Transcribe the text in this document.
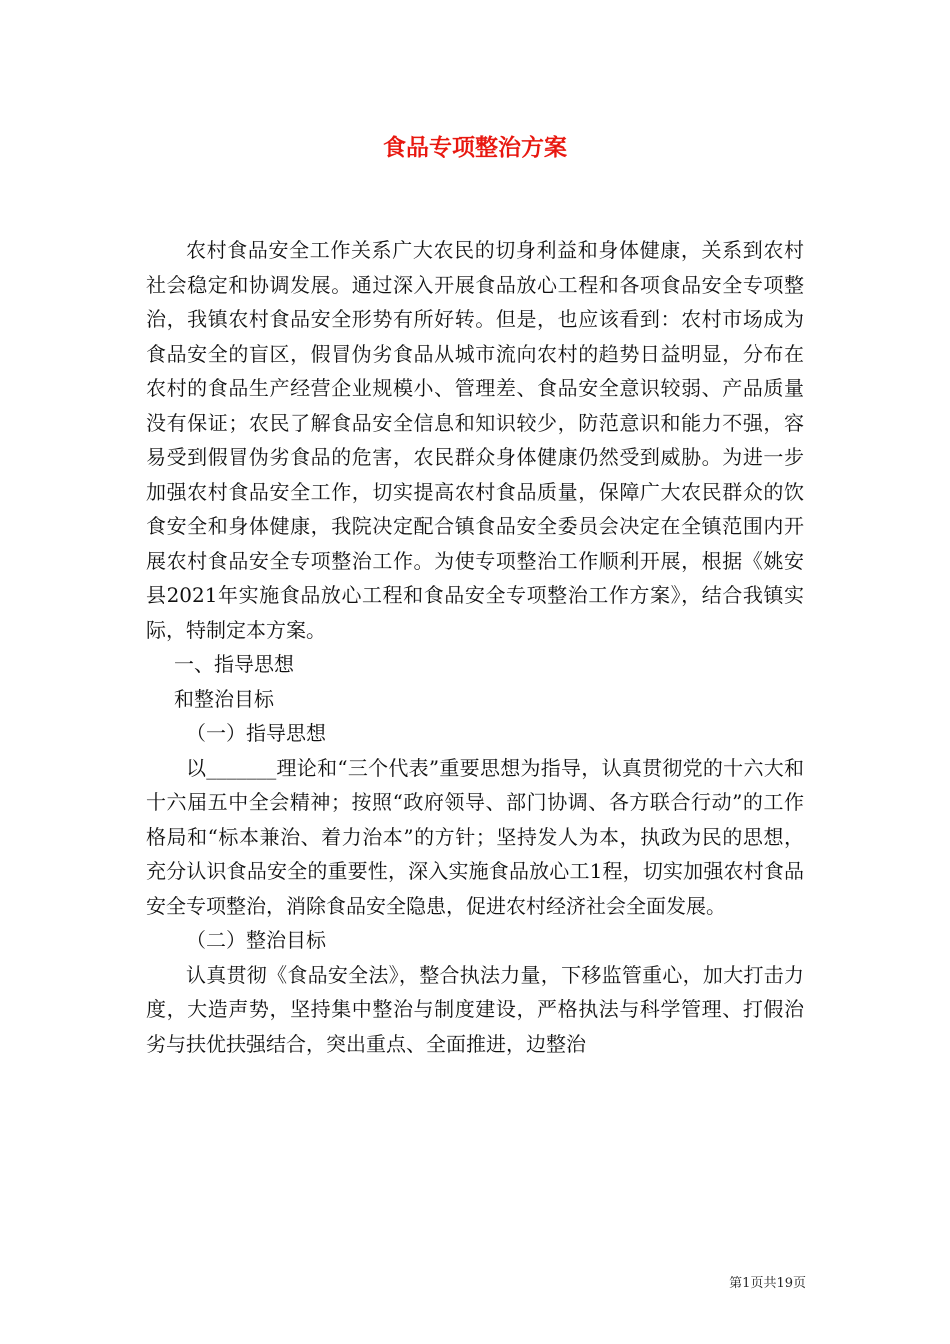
食品专项整治方案

农村食品安全工作关系广大农民的切身利益和身体健康，关系到农村社会稳定和协调发展。通过深入开展食品放心工程和各项食品安全专项整治，我镇农村食品安全形势有所好转。但是，也应该看到：农村市场成为食品安全的盲区，假冒伪劣食品从城市流向农村的趋势日益明显，分布在农村的食品生产经营企业规模小、管理差、食品安全意识较弱、产品质量没有保证；农民了解食品安全信息和知识较少，防范意识和能力不强，容易受到假冒伪劣食品的危害，农民群众身体健康仍然受到威胁。为进一步加强农村食品安全工作，切实提高农村食品质量，保障广大农民群众的饮食安全和身体健康，我院决定配合镇食品安全委员会决定在全镇范围内开展农村食品安全专项整治工作。为使专项整治工作顺利开展，根据《姚安县2021年实施食品放心工程和食品安全专项整治工作方案》，结合我镇实际，特制定本方案。

一、指导思想

和整治目标

（一）指导思想

以_______理论和“三个代表”重要思想为指导，认真贯彻党的十六大和十六届五中全会精神；按照“政府领导、部门协调、各方联合行动”的工作格局和“标本兼治、着力治本”的方针；坚持发人为本，执政为民的思想，充分认识食品安全的重要性，深入实施食品放心工1程，切实加强农村食品安全专项整治，消除食品安全隐患，促进农村经济社会全面发展。

（二）整治目标

认真贯彻《食品安全法》，整合执法力量，下移监管重心，加大打击力度，大造声势，坚持集中整治与制度建设，严格执法与科学管理、打假治劣与扶优扶强结合，突出重点、全面推进，边整治

第1页共19页
